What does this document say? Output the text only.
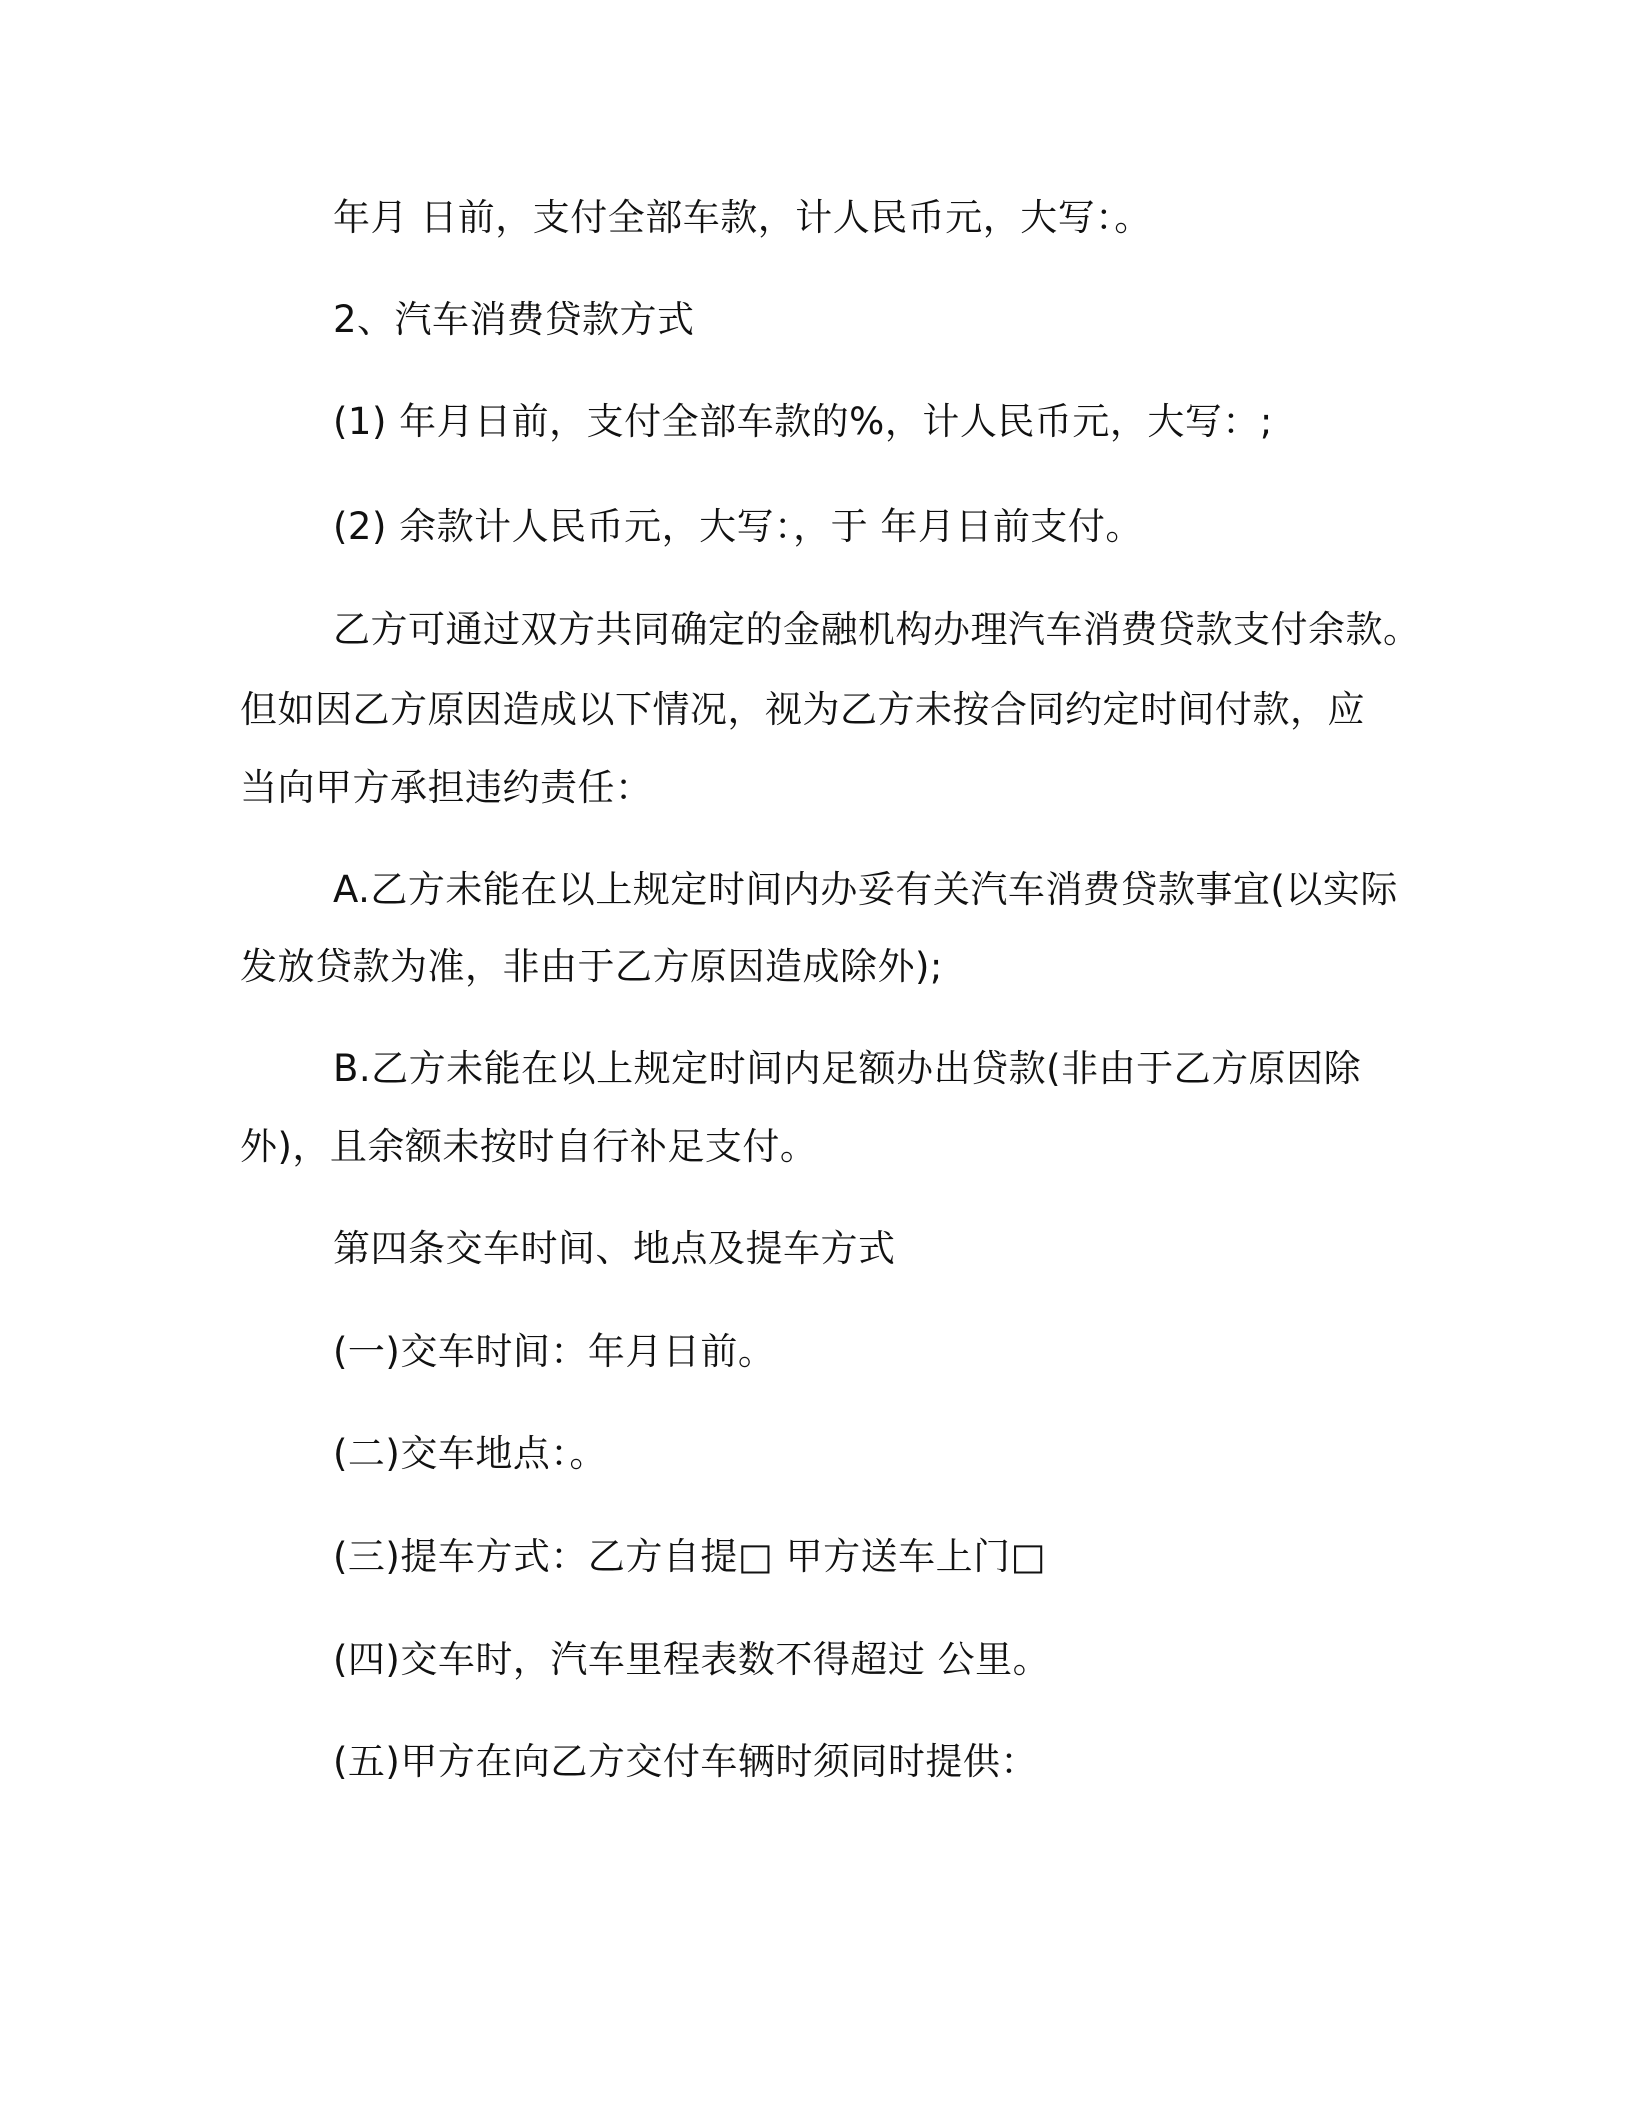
年月 日前，支付全部车款，计人民币元，大写：。
2、汽车消费贷款方式
(1) 年月日前，支付全部车款的%，计人民币元，大写：;
(2) 余款计人民币元，大写：，于 年月日前支付。
乙方可通过双方共同确定的金融机构办理汽车消费贷款支付余款。
但如因乙方原因造成以下情况，视为乙方未按合同约定时间付款，应
当向甲方承担违约责任：
A.乙方未能在以上规定时间内办妥有关汽车消费贷款事宜(以实际
发放贷款为准，非由于乙方原因造成除外);
B.乙方未能在以上规定时间内足额办出贷款(非由于乙方原因除
外)，且余额未按时自行补足支付。
第四条交车时间、地点及提车方式
(一)交车时间：年月日前。
(二)交车地点：。
(三)提车方式：乙方自提□ 甲方送车上门□
(四)交车时，汽车里程表数不得超过 公里。
(五)甲方在向乙方交付车辆时须同时提供：
